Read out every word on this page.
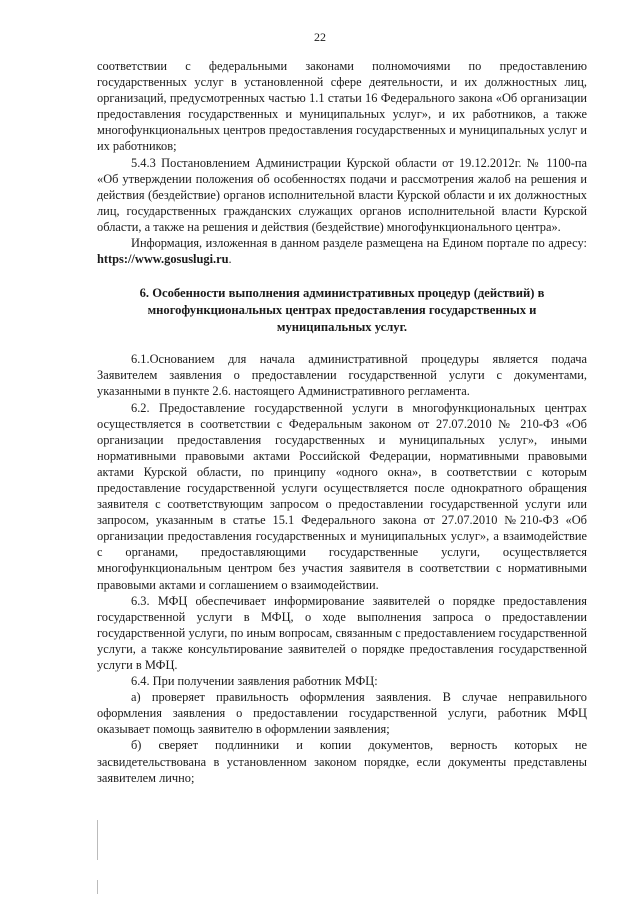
22

соответствии с федеральными законами полномочиями по предоставлению государственных услуг в установленной сфере деятельности, и их должностных лиц, организаций, предусмотренных частью 1.1 статьи 16 Федерального закона «Об организации предоставления государственных и муниципальных услуг», и их работников, а также многофункциональных центров предоставления государственных и муниципальных услуг и их работников;

5.4.3 Постановлением Администрации Курской области от 19.12.2012г. № 1100-па «Об утверждении положения об особенностях подачи и рассмотрения жалоб на решения и действия (бездействие) органов исполнительной власти Курской области и их должностных лиц, государственных гражданских служащих органов исполнительной власти Курской области, а также на решения и действия (бездействие) многофункционального центра».

Информация, изложенная в данном разделе размещена на Едином портале по адресу: https://www.gosuslugi.ru.

6. Особенности выполнения административных процедур (действий) в многофункциональных центрах предоставления государственных и муниципальных услуг.

6.1.Основанием для начала административной процедуры является подача Заявителем заявления о предоставлении государственной услуги с документами, указанными в пункте 2.6. настоящего Административного регламента.

6.2. Предоставление государственной услуги в многофункциональных центрах осуществляется в соответствии с Федеральным законом от 27.07.2010 № 210-ФЗ «Об организации предоставления государственных и муниципальных услуг», иными нормативными правовыми актами Российской Федерации, нормативными правовыми актами Курской области, по принципу «одного окна», в соответствии с которым предоставление государственной услуги осуществляется после однократного обращения заявителя с соответствующим запросом о предоставлении государственной услуги или запросом, указанным в статье 15.1 Федерального закона от 27.07.2010 №210-ФЗ «Об организации предоставления государственных и муниципальных услуг», а взаимодействие с органами, предоставляющими государственные услуги, осуществляется многофункциональным центром без участия заявителя в соответствии с нормативными правовыми актами и соглашением о взаимодействии.

6.3. МФЦ обеспечивает информирование заявителей о порядке предоставления государственной услуги в МФЦ, о ходе выполнения запроса о предоставлении государственной услуги, по иным вопросам, связанным с предоставлением государственной услуги, а также консультирование заявителей о порядке предоставления государственной услуги в МФЦ.

6.4. При получении заявления работник МФЦ:

а) проверяет правильность оформления заявления. В случае неправильного оформления заявления о предоставлении государственной услуги, работник МФЦ оказывает помощь заявителю в оформлении заявления;

б) сверяет подлинники и копии документов, верность которых не засвидетельствована в установленном законом порядке, если документы представлены заявителем лично;
